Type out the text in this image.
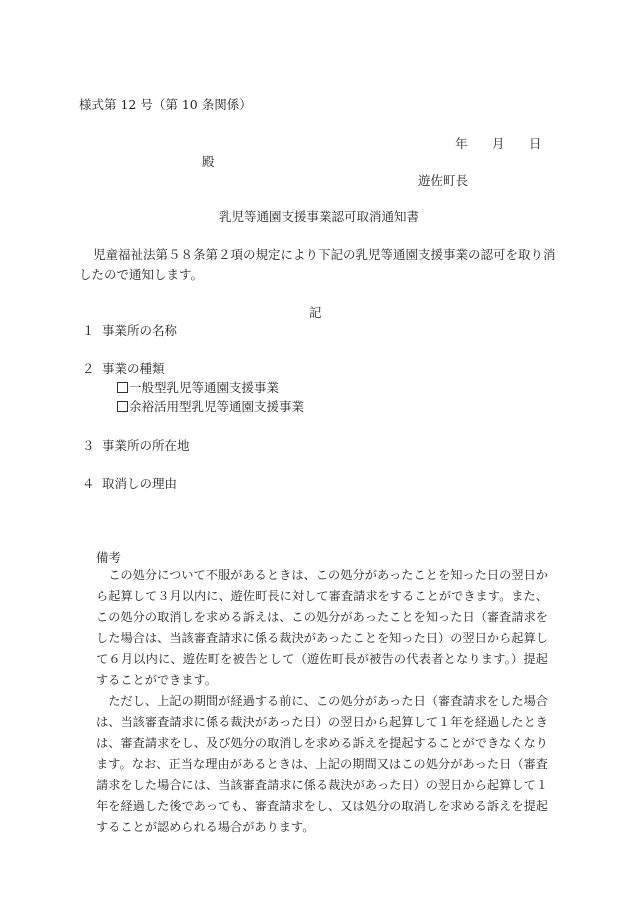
様式第 12 号（第 10 条関係）
年 月 日
殿
遊佐町長
乳児等通園支援事業認可取消通知書
児童福祉法第５８条第２項の規定により下記の乳児等通園支援事業の認可を取り消
したので通知します。
記
１ 事業所の名称
２ 事業の種類
一般型乳児等通園支援事業
余裕活用型乳児等通園支援事業
３ 事業所の所在地
４ 取消しの理由
備考

この処分について不服があるときは、この処分があったことを知った日の翌日から起算して３月以内に、遊佐町長に対して審査請求をすることができます。また、この処分の取消しを求める訴えは、この処分があったことを知った日（審査請求をした場合は、当該審査請求に係る裁決があったことを知った日）の翌日から起算して６月以内に、遊佐町を被告として（遊佐町長が被告の代表者となります。）提起することができます。

ただし、上記の期間が経過する前に、この処分があった日（審査請求をした場合は、当該審査請求に係る裁決があった日）の翌日から起算して１年を経過したときは、審査請求をし、及び処分の取消しを求める訴えを提起することができなくなります。なお、正当な理由があるときは、上記の期間又はこの処分があった日（審査請求をした場合には、当該審査請求に係る裁決があった日）の翌日から起算して１年を経過した後であっても、審査請求をし、又は処分の取消しを求める訴えを提起することが認められる場合があります。
